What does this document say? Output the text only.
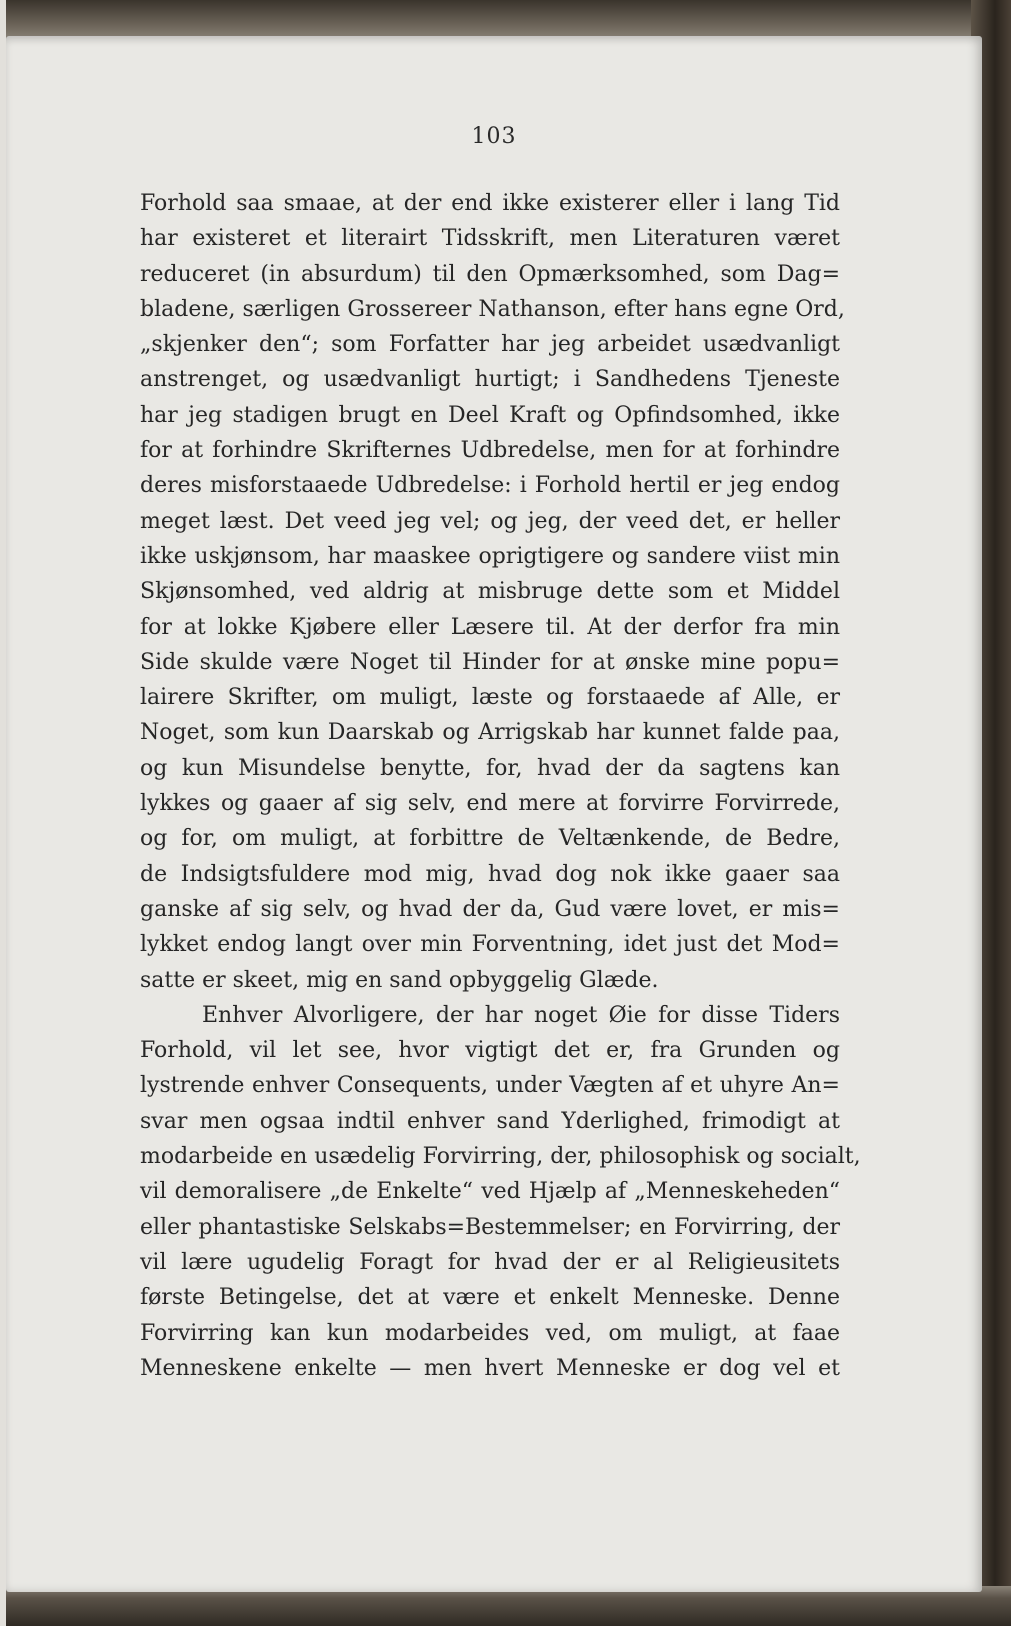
103
Forhold saa smaae, at der end ikke existerer eller i lang Tid
har existeret et literairt Tidsskrift, men Literaturen været
reduceret (in absurdum) til den Opmærksomhed, som Dag=
bladene, særligen Grossereer Nathanson, efter hans egne Ord,
„skjenker den“; som Forfatter har jeg arbeidet usædvanligt
anstrenget, og usædvanligt hurtigt; i Sandhedens Tjeneste
har jeg stadigen brugt en Deel Kraft og Opfindsomhed, ikke
for at forhindre Skrifternes Udbredelse, men for at forhindre
deres misforstaaede Udbredelse: i Forhold hertil er jeg endog
meget læst. Det veed jeg vel; og jeg, der veed det, er heller
ikke uskjønsom, har maaskee oprigtigere og sandere viist min
Skjønsomhed, ved aldrig at misbruge dette som et Middel
for at lokke Kjøbere eller Læsere til. At der derfor fra min
Side skulde være Noget til Hinder for at ønske mine popu=
lairere Skrifter, om muligt, læste og forstaaede af Alle, er
Noget, som kun Daarskab og Arrigskab har kunnet falde paa,
og kun Misundelse benytte, for, hvad der da sagtens kan
lykkes og gaaer af sig selv, end mere at forvirre Forvirrede,
og for, om muligt, at forbittre de Veltænkende, de Bedre,
de Indsigtsfuldere mod mig, hvad dog nok ikke gaaer saa
ganske af sig selv, og hvad der da, Gud være lovet, er mis=
lykket endog langt over min Forventning, idet just det Mod=
satte er skeet, mig en sand opbyggelig Glæde.
Enhver Alvorligere, der har noget Øie for disse Tiders
Forhold, vil let see, hvor vigtigt det er, fra Grunden og
lystrende enhver Consequents, under Vægten af et uhyre An=
svar men ogsaa indtil enhver sand Yderlighed, frimodigt at
modarbeide en usædelig Forvirring, der, philosophisk og socialt,
vil demoralisere „de Enkelte“ ved Hjælp af „Menneskeheden“
eller phantastiske Selskabs=Bestemmelser; en Forvirring, der
vil lære ugudelig Foragt for hvad der er al Religieusitets
første Betingelse, det at være et enkelt Menneske. Denne
Forvirring kan kun modarbeides ved, om muligt, at faae
Menneskene enkelte — men hvert Menneske er dog vel et
